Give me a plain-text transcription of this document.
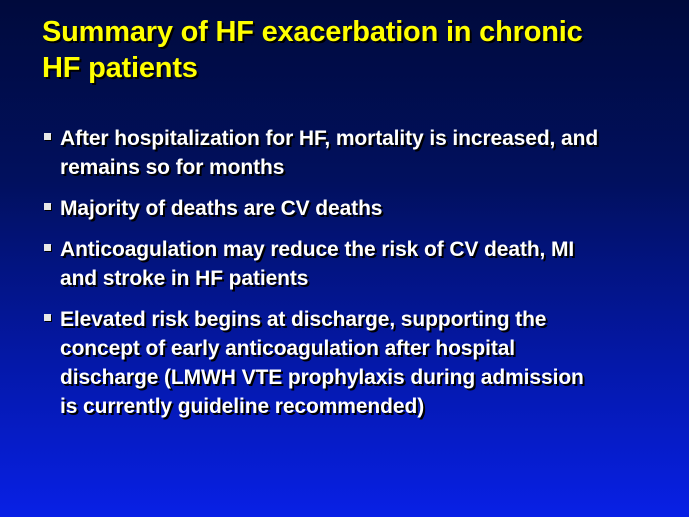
Summary of HF exacerbation in chronic
HF patients
After hospitalization for HF, mortality is increased, and
remains so for months
Majority of deaths are CV deaths
Anticoagulation may reduce the risk of CV death, MI
and stroke in HF patients
Elevated risk begins at discharge, supporting the
concept of early anticoagulation after hospital
discharge (LMWH VTE prophylaxis during admission
is currently guideline recommended)
